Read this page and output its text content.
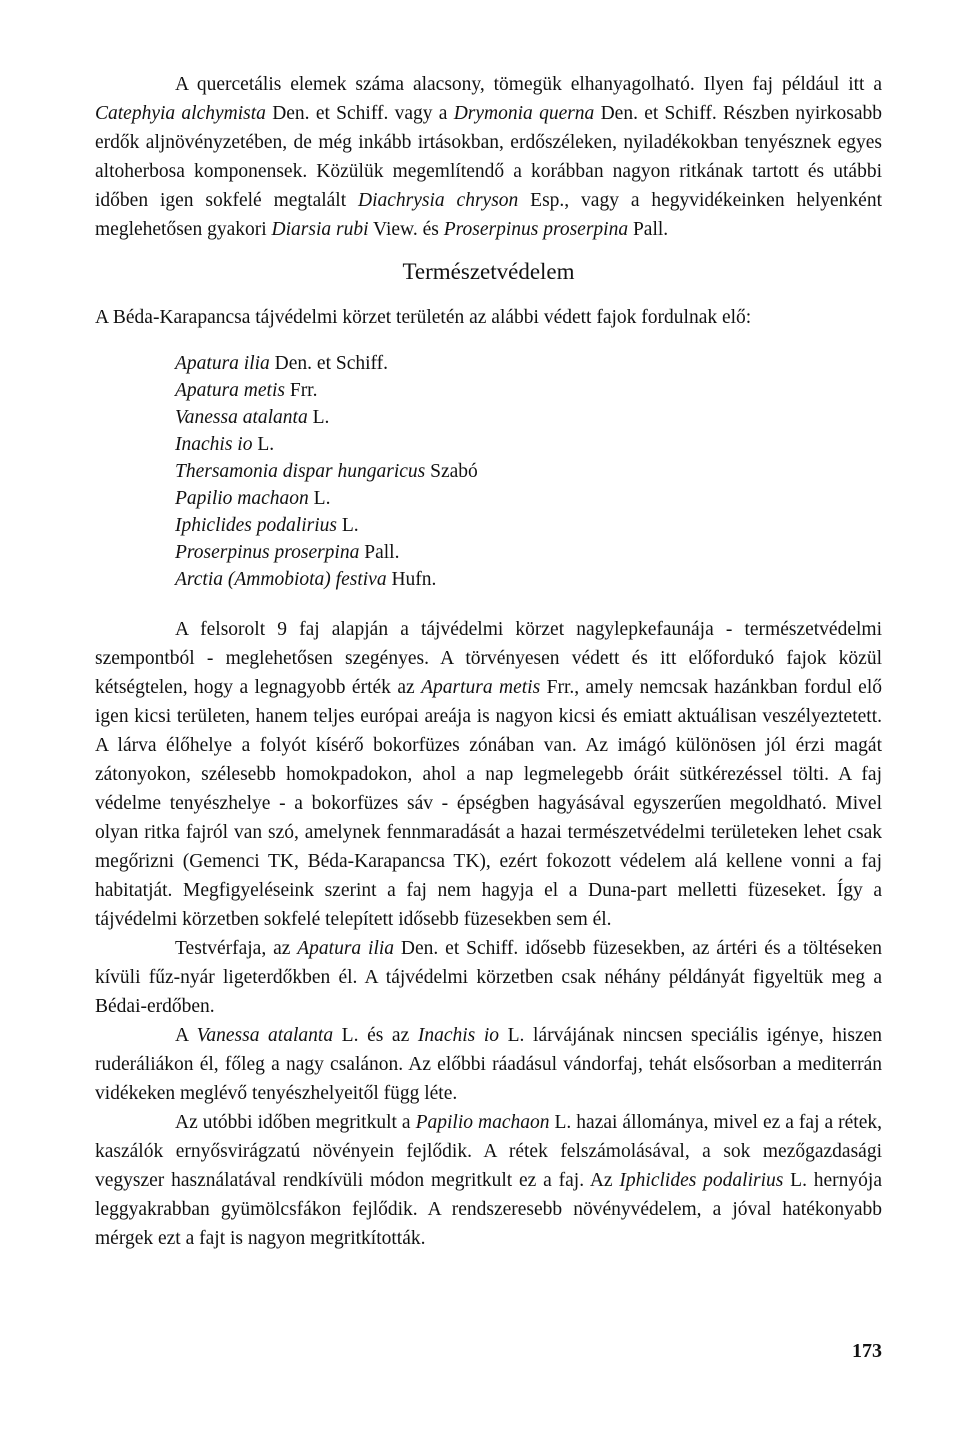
A quercetális elemek száma alacsony, tömegük elhanyagolható. Ilyen faj például itt a Catephyia alchymista Den. et Schiff. vagy a Drymonia querna Den. et Schiff. Részben nyirkosabb erdők aljnövényzetében, de még inkább irtásokban, erdőszéleken, nyiladékokban tenyésznek egyes altoherbosa komponensek. Közülük megemlítendő a korábban nagyon ritkának tartott és utábbi időben igen sokfelé megtalált Diachrysia chryson Esp., vagy a hegyvidékeinken helyenként meglehetősen gyakori Diarsia rubi View. és Proserpinus proserpina Pall.

Természetvédelem

A Béda-Karapancsa tájvédelmi körzet területén az alábbi védett fajok fordulnak elő:

Apatura ilia Den. et Schiff.
Apatura metis Frr.
Vanessa atalanta L.
Inachis io L.
Thersamonia dispar hungaricus Szabó
Papilio machaon L.
Iphiclides podalirius L.
Proserpinus proserpina Pall.
Arctia (Ammobiota) festiva Hufn.

A felsorolt 9 faj alapján a tájvédelmi körzet nagylepkefaunája - természetvédelmi szempontból - meglehetősen szegényes. A törvényesen védett és itt előfordukó fajok közül kétségtelen, hogy a legnagyobb érték az Apartura metis Frr., amely nemcsak hazánkban fordul elő igen kicsi területen, hanem teljes európai areája is nagyon kicsi és emiatt aktuálisan veszélyeztetett. A lárva élőhelye a folyót kísérő bokorfüzes zónában van. Az imágó különösen jól érzi magát zátonyokon, szélesebb homokpadokon, ahol a nap legmelegebb óráit sütkérezéssel tölti. A faj védelme tenyészhelye - a bokorfüzes sáv - épségben hagyásával egyszerűen megoldható. Mivel olyan ritka fajról van szó, amelynek fennmaradását a hazai természetvédelmi területeken lehet csak megőrizni (Gemenci TK, Béda-Karapancsa TK), ezért fokozott védelem alá kellene vonni a faj habitatját. Megfigyeléseink szerint a faj nem hagyja el a Duna-part melletti füzeseket. Így a tájvédelmi körzetben sokfelé telepített idősebb füzesekben sem él.

Testvérfaja, az Apatura ilia Den. et Schiff. idősebb füzesekben, az ártéri és a töltéseken kívüli fűz-nyár ligeterdőkben él. A tájvédelmi körzetben csak néhány példányát figyeltük meg a Bédai-erdőben.

A Vanessa atalanta L. és az Inachis io L. lárvájának nincsen speciális igénye, hiszen ruderáliákon él, főleg a nagy csalánon. Az előbbi ráadásul vándorfaj, tehát elsősorban a mediterrán vidékeken meglévő tenyészhelyeitől függ léte.

Az utóbbi időben megritkult a Papilio machaon L. hazai állománya, mivel ez a faj a rétek, kaszálók ernyősvirágzatú növényein fejlődik. A rétek felszámolásával, a sok mezőgazdasági vegyszer használatával rendkívüli módon megritkult ez a faj. Az Iphiclides podalirius L. hernyója leggyakrabban gyümölcsfákon fejlődik. A rendszeresebb növényvédelem, a jóval hatékonyabb mérgek ezt a fajt is nagyon megritkították.

173
